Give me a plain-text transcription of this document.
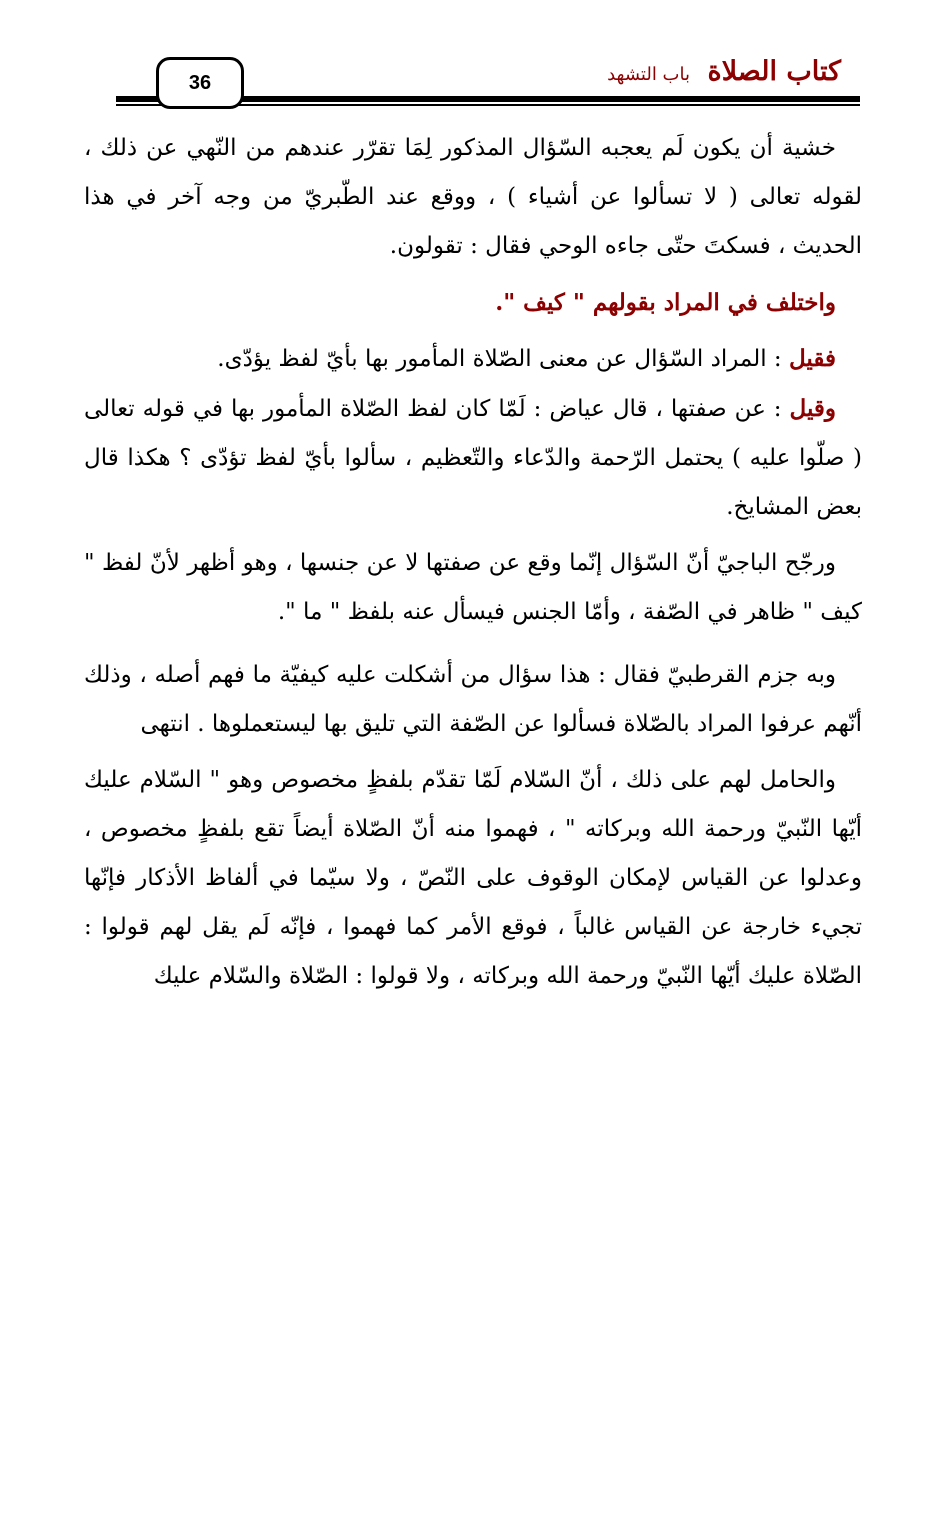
كتاب الصلاة
باب التشهد
36

خشية أن يكون لَم يعجبه السّؤال المذكور لِمَا تقرّر عندهم من النّهي عن ذلك ، لقوله تعالى ( لا تسألوا عن أشياء ) ، ووقع عند الطّبريّ من وجه آخر في هذا الحديث ، فسكتَ حتّى جاءه الوحي فقال : تقولون.

واختلف في المراد بقولهم " كيف ".

فقيل : المراد السّؤال عن معنى الصّلاة المأمور بها بأيّ لفظ يؤدّى.

وقيل : عن صفتها ، قال عياض : لَمّا كان لفظ الصّلاة المأمور بها في قوله تعالى ( صلّوا عليه ) يحتمل الرّحمة والدّعاء والتّعظيم ، سألوا بأيّ لفظ تؤدّى ؟ هكذا قال بعض المشايخ.

ورجّح الباجيّ أنّ السّؤال إنّما وقع عن صفتها لا عن جنسها ، وهو أظهر لأنّ لفظ " كيف " ظاهر في الصّفة ، وأمّا الجنس فيسأل عنه بلفظ " ما ".

وبه جزم القرطبيّ فقال : هذا سؤال من أشكلت عليه كيفيّة ما فهم أصله ، وذلك أنّهم عرفوا المراد بالصّلاة فسألوا عن الصّفة التي تليق بها ليستعملوها . انتهى

والحامل لهم على ذلك ، أنّ السّلام لَمّا تقدّم بلفظٍ مخصوص وهو " السّلام عليك أيّها النّبيّ ورحمة الله وبركاته " ، فهموا منه أنّ الصّلاة أيضاً تقع بلفظٍ مخصوص ، وعدلوا عن القياس لإمكان الوقوف على النّصّ ، ولا سيّما في ألفاظ الأذكار فإنّها تجيء خارجة عن القياس غالباً ، فوقع الأمر كما فهموا ، فإنّه لَم يقل لهم قولوا : الصّلاة عليك أيّها النّبيّ ورحمة الله وبركاته ، ولا قولوا : الصّلاة والسّلام عليك
